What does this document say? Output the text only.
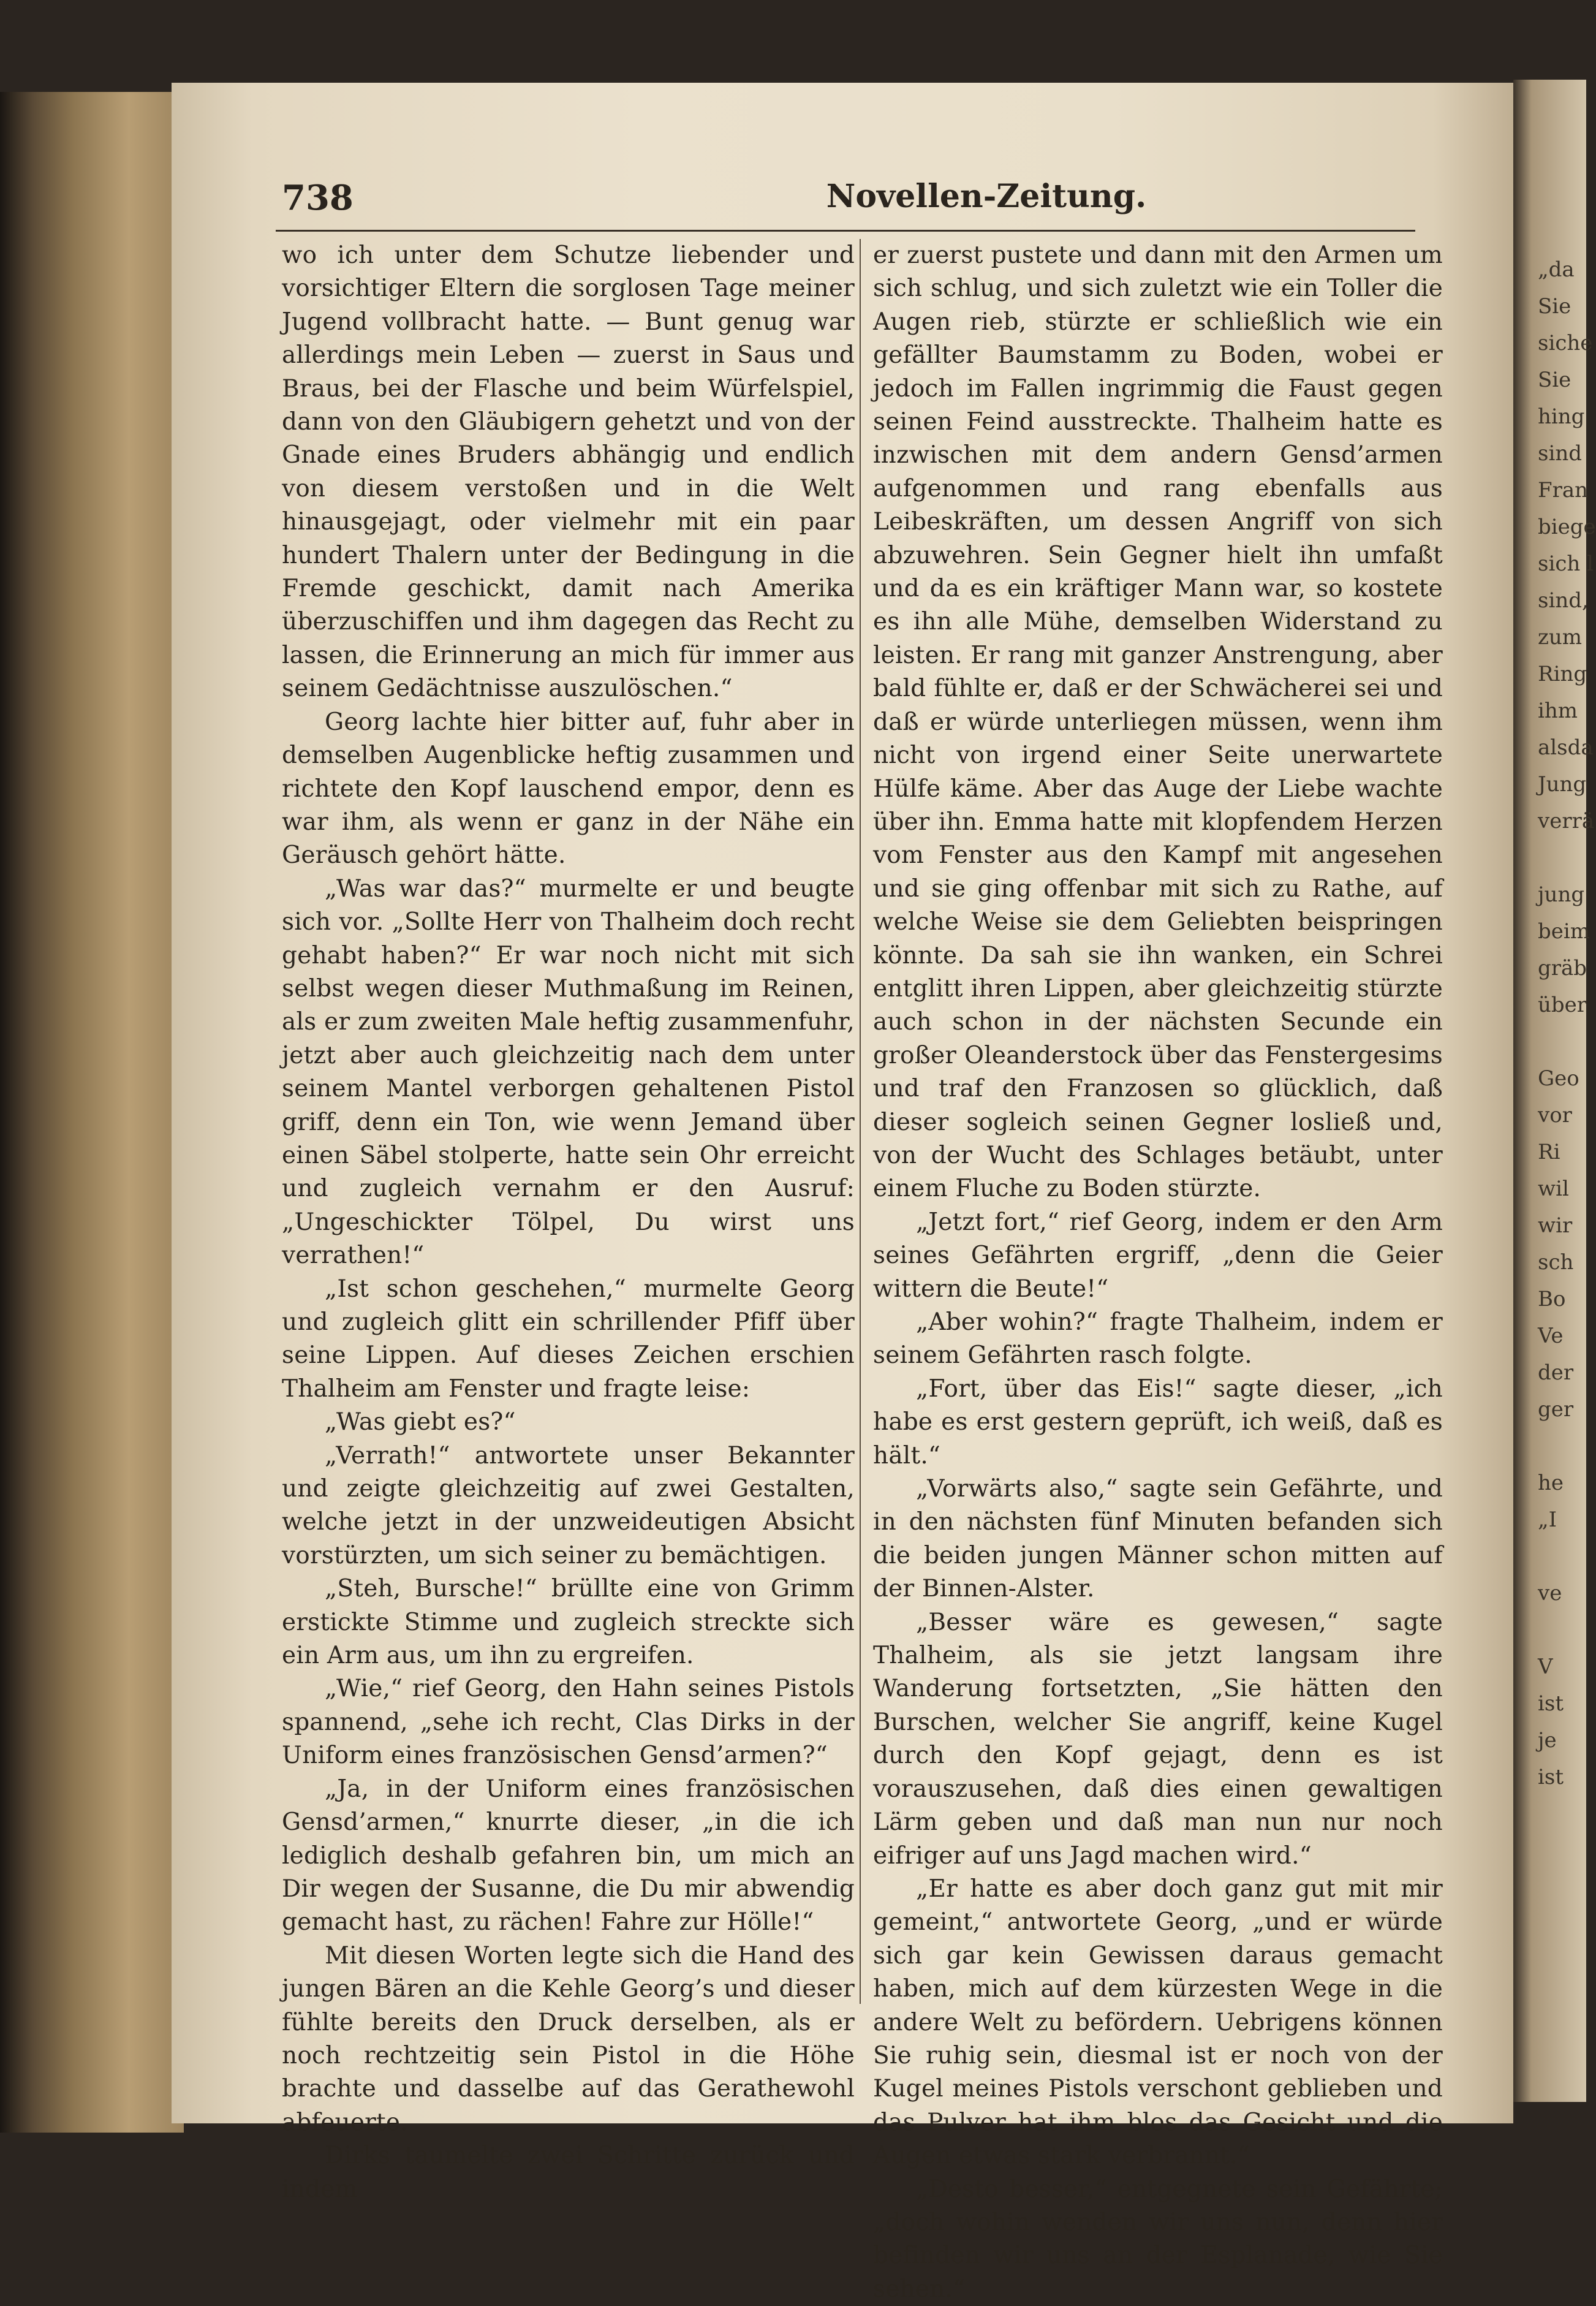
„da
Sie
siche
Sie
hing
sind
Fran
biege
sich l
sind,
zum
Ring
ihm
alsda
Jung
verrä
jung
beim
gräb
über
Geo
vor
Ri
wil
wir
sch
Bo
Ve
der
ger
he
„I
ve
V
ist
je
ist
738	Novellen-Zeitung.

wo ich unter dem Schutze liebender und vorsichtiger Eltern die sorglosen Tage meiner Jugend vollbracht hatte. — Bunt genug war allerdings mein Leben — zuerst in Saus und Braus, bei der Flasche und beim Würfelspiel, dann von den Gläubigern gehetzt und von der Gnade eines Bruders abhängig und endlich von diesem verstoßen und in die Welt hinausgejagt, oder vielmehr mit ein paar hundert Thalern unter der Bedingung in die Fremde geschickt, damit nach Amerika überzuschiffen und ihm dagegen das Recht zu lassen, die Erinnerung an mich für immer aus seinem Gedächtnisse auszulöschen.“

Georg lachte hier bitter auf, fuhr aber in demselben Augenblicke heftig zusammen und richtete den Kopf lauschend empor, denn es war ihm, als wenn er ganz in der Nähe ein Geräusch gehört hätte.

„Was war das?“ murmelte er und beugte sich vor. „Sollte Herr von Thalheim doch recht gehabt haben?“ Er war noch nicht mit sich selbst wegen dieser Muthmaßung im Reinen, als er zum zweiten Male heftig zusammenfuhr, jetzt aber auch gleichzeitig nach dem unter seinem Mantel verborgen gehaltenen Pistol griff, denn ein Ton, wie wenn Jemand über einen Säbel stolperte, hatte sein Ohr erreicht und zugleich vernahm er den Ausruf: „Ungeschickter Tölpel, Du wirst uns verrathen!“

„Ist schon geschehen,“ murmelte Georg und zugleich glitt ein schrillender Pfiff über seine Lippen. Auf dieses Zeichen erschien Thalheim am Fenster und fragte leise:

„Was giebt es?“

„Verrath!“ antwortete unser Bekannter und zeigte gleichzeitig auf zwei Gestalten, welche jetzt in der unzweideutigen Absicht vorstürzten, um sich seiner zu bemächtigen.

„Steh, Bursche!“ brüllte eine von Grimm erstickte Stimme und zugleich streckte sich ein Arm aus, um ihn zu ergreifen.

„Wie,“ rief Georg, den Hahn seines Pistols spannend, „sehe ich recht, Clas Dirks in der Uniform eines französischen Gensd’armen?“

„Ja, in der Uniform eines französischen Gensd’armen,“ knurrte dieser, „in die ich lediglich deshalb gefahren bin, um mich an Dir wegen der Susanne, die Du mir abwendig gemacht hast, zu rächen! Fahre zur Hölle!“

Mit diesen Worten legte sich die Hand des jungen Bären an die Kehle Georg’s und dieser fühlte bereits den Druck derselben, als er noch rechtzeitig sein Pistol in die Höhe brachte und dasselbe auf das Gerathewohl abfeuerte.

Dirks taumelte zwei Schritte zurück und indem

er zuerst pustete und dann mit den Armen um sich schlug, und sich zuletzt wie ein Toller die Augen rieb, stürzte er schließlich wie ein gefällter Baumstamm zu Boden, wobei er jedoch im Fallen ingrimmig die Faust gegen seinen Feind ausstreckte. Thalheim hatte es inzwischen mit dem andern Gensd’armen aufgenommen und rang ebenfalls aus Leibeskräften, um dessen Angriff von sich abzuwehren. Sein Gegner hielt ihn umfaßt und da es ein kräftiger Mann war, so kostete es ihn alle Mühe, demselben Widerstand zu leisten. Er rang mit ganzer Anstrengung, aber bald fühlte er, daß er der Schwächerei sei und daß er würde unterliegen müssen, wenn ihm nicht von irgend einer Seite unerwartete Hülfe käme. Aber das Auge der Liebe wachte über ihn. Emma hatte mit klopfendem Herzen vom Fenster aus den Kampf mit angesehen und sie ging offenbar mit sich zu Rathe, auf welche Weise sie dem Geliebten beispringen könnte. Da sah sie ihn wanken, ein Schrei entglitt ihren Lippen, aber gleichzeitig stürzte auch schon in der nächsten Secunde ein großer Oleanderstock über das Fenstergesims und traf den Franzosen so glücklich, daß dieser sogleich seinen Gegner losließ und, von der Wucht des Schlages betäubt, unter einem Fluche zu Boden stürzte.

„Jetzt fort,“ rief Georg, indem er den Arm seines Gefährten ergriff, „denn die Geier wittern die Beute!“

„Aber wohin?“ fragte Thalheim, indem er seinem Gefährten rasch folgte.

„Fort, über das Eis!“ sagte dieser, „ich habe es erst gestern geprüft, ich weiß, daß es hält.“

„Vorwärts also,“ sagte sein Gefährte, und in den nächsten fünf Minuten befanden sich die beiden jungen Männer schon mitten auf der Binnen-Alster.

„Besser wäre es gewesen,“ sagte Thalheim, als sie jetzt langsam ihre Wanderung fortsetzten, „Sie hätten den Burschen, welcher Sie angriff, keine Kugel durch den Kopf gejagt, denn es ist vorauszusehen, daß dies einen gewaltigen Lärm geben und daß man nun nur noch eifriger auf uns Jagd machen wird.“

„Er hatte es aber doch ganz gut mit mir gemeint,“ antwortete Georg, „und er würde sich gar kein Gewissen daraus gemacht haben, mich auf dem kürzesten Wege in die andere Welt zu befördern. Uebrigens können Sie ruhig sein, diesmal ist er noch von der Kugel meines Pistols verschont geblieben und das Pulver hat ihm blos das Gesicht und die Augen etwas stark verbrannt.“

„Desto besser,“ entgegnete sein Gefährte; „doch wohin wenden wir uns nun, denn hier befinden wir uns an der Esplanade, wie Sie sehen.“
